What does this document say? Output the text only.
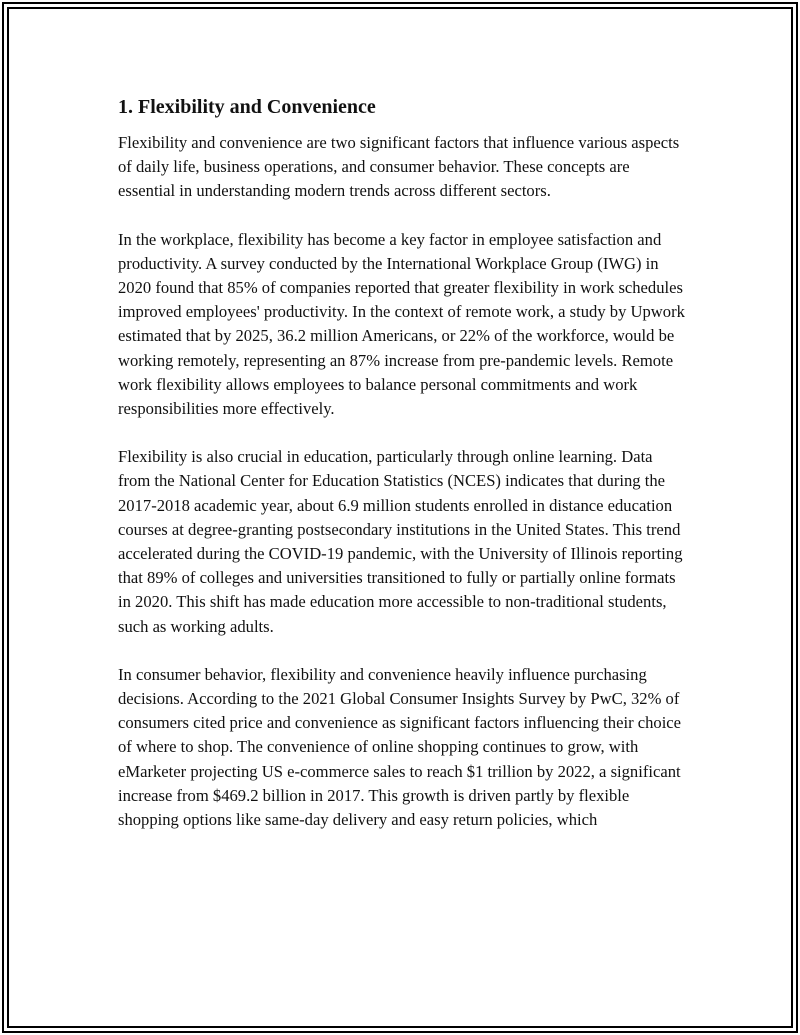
1. Flexibility and Convenience

Flexibility and convenience are two significant factors that influence various aspects of daily life, business operations, and consumer behavior. These concepts are essential in understanding modern trends across different sectors.

In the workplace, flexibility has become a key factor in employee satisfaction and productivity. A survey conducted by the International Workplace Group (IWG) in 2020 found that 85% of companies reported that greater flexibility in work schedules improved employees' productivity. In the context of remote work, a study by Upwork estimated that by 2025, 36.2 million Americans, or 22% of the workforce, would be working remotely, representing an 87% increase from pre-pandemic levels. Remote work flexibility allows employees to balance personal commitments and work responsibilities more effectively.

Flexibility is also crucial in education, particularly through online learning. Data from the National Center for Education Statistics (NCES) indicates that during the 2017-2018 academic year, about 6.9 million students enrolled in distance education courses at degree-granting postsecondary institutions in the United States. This trend accelerated during the COVID-19 pandemic, with the University of Illinois reporting that 89% of colleges and universities transitioned to fully or partially online formats in 2020. This shift has made education more accessible to non-traditional students, such as working adults.

In consumer behavior, flexibility and convenience heavily influence purchasing decisions. According to the 2021 Global Consumer Insights Survey by PwC, 32% of consumers cited price and convenience as significant factors influencing their choice of where to shop. The convenience of online shopping continues to grow, with eMarketer projecting US e-commerce sales to reach $1 trillion by 2022, a significant increase from $469.2 billion in 2017. This growth is driven partly by flexible shopping options like same-day delivery and easy return policies, which
